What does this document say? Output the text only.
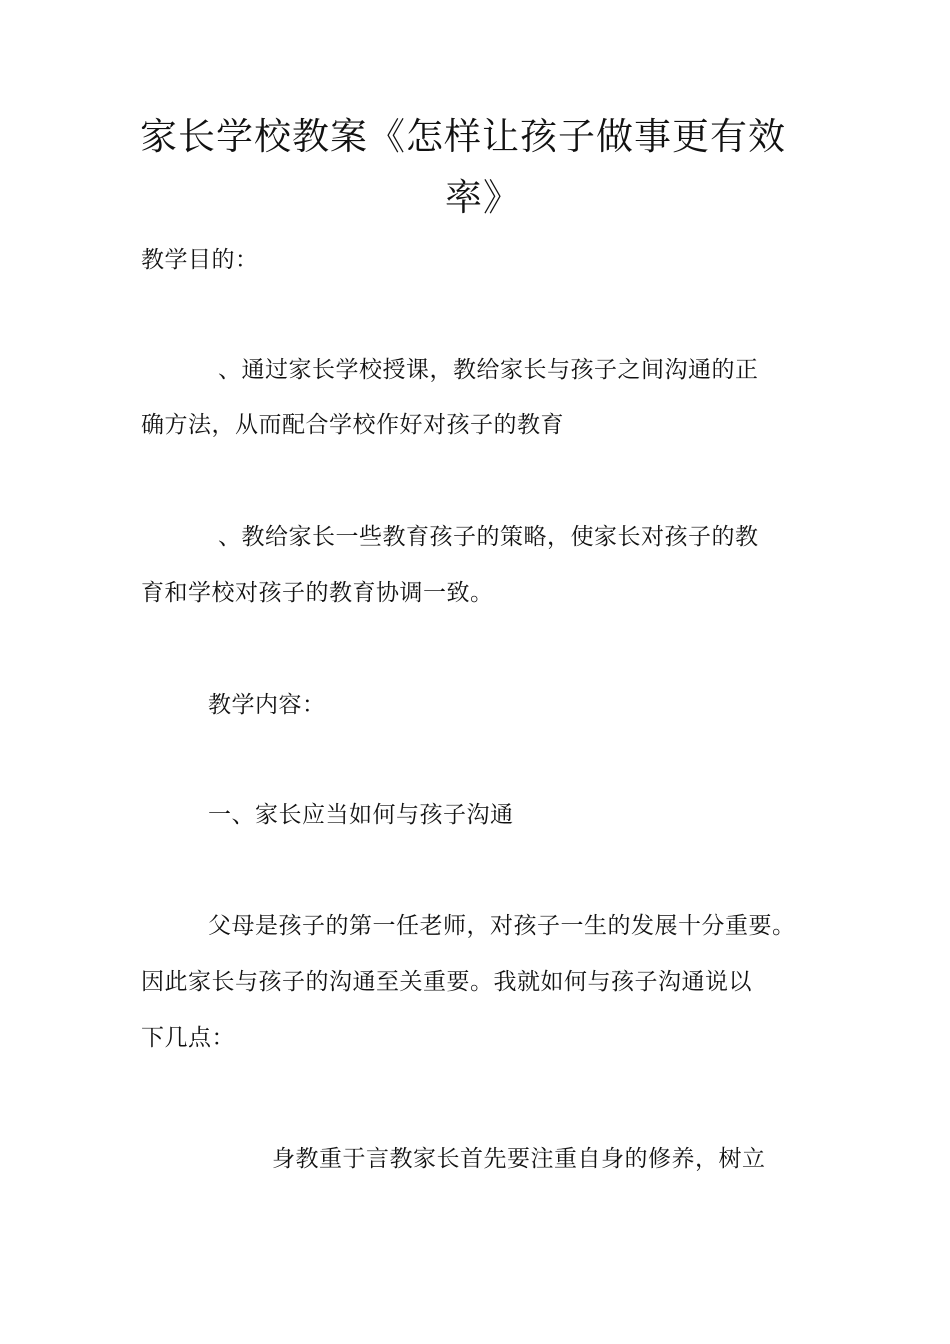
家长学校教案《怎样让孩子做事更有效
率》
教学目的：
、通过家长学校授课，教给家长与孩子之间沟通的正
确方法，从而配合学校作好对孩子的教育
、教给家长一些教育孩子的策略，使家长对孩子的教
育和学校对孩子的教育协调一致。
教学内容：
一、家长应当如何与孩子沟通
父母是孩子的第一任老师，对孩子一生的发展十分重要。
因此家长与孩子的沟通至关重要。我就如何与孩子沟通说以
下几点：
身教重于言教家长首先要注重自身的修养，树立
